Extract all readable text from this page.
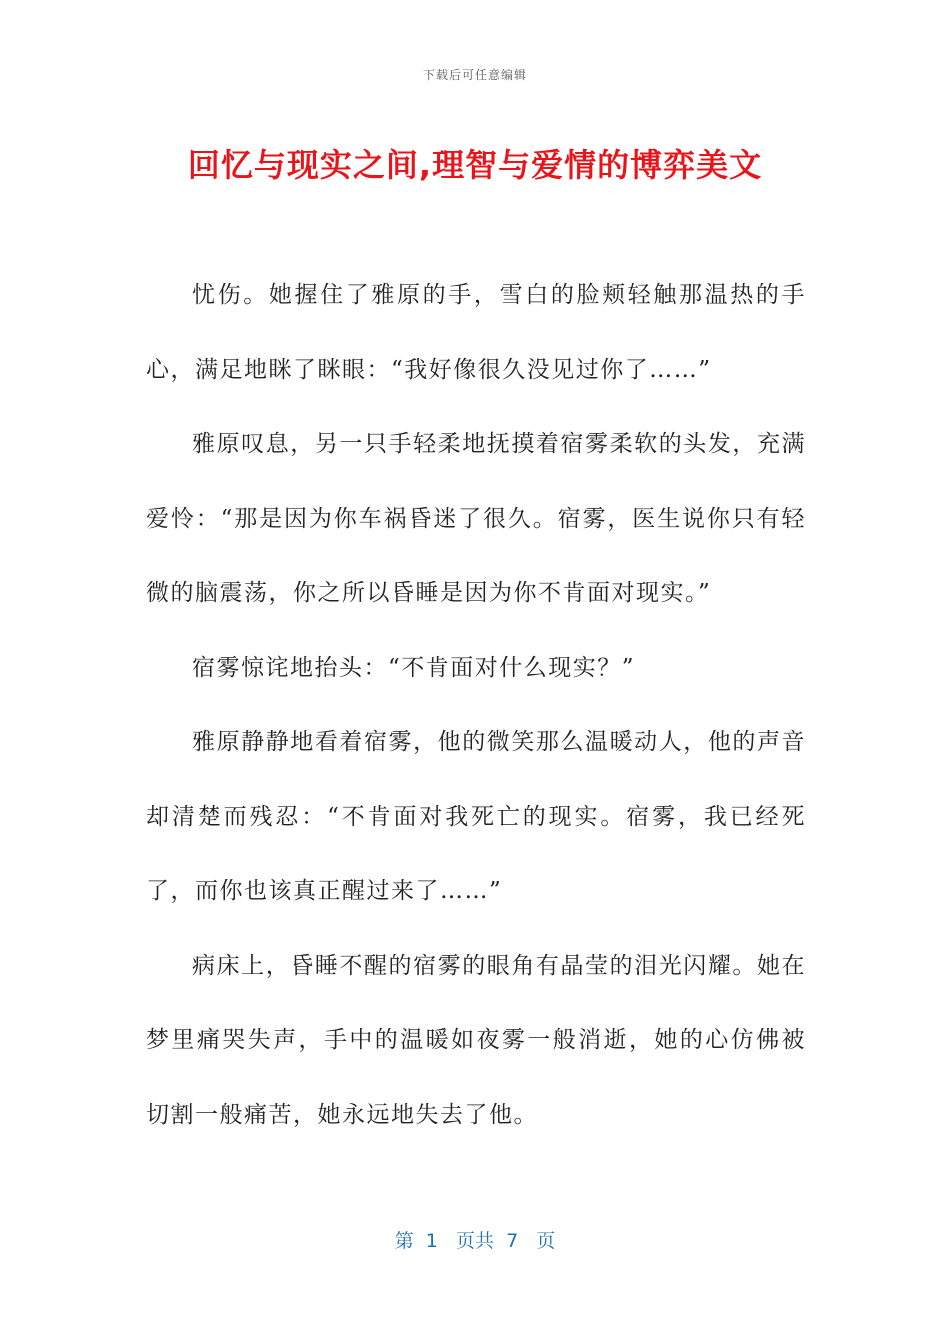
下载后可任意编辑
回忆与现实之间,理智与爱情的博弈美文

忧伤。她握住了雅原的手，雪白的脸颊轻触那温热的手心，满足地眯了眯眼：“我好像很久没见过你了……”

雅原叹息，另一只手轻柔地抚摸着宿雾柔软的头发，充满爱怜：“那是因为你车祸昏迷了很久。宿雾，医生说你只有轻微的脑震荡，你之所以昏睡是因为你不肯面对现实。”

宿雾惊诧地抬头：“不肯面对什么现实？”

雅原静静地看着宿雾，他的微笑那么温暖动人，他的声音却清楚而残忍：“不肯面对我死亡的现实。宿雾，我已经死了，而你也该真正醒过来了……”

病床上，昏睡不醒的宿雾的眼角有晶莹的泪光闪耀。她在梦里痛哭失声，手中的温暖如夜雾一般消逝，她的心仿佛被切割一般痛苦，她永远地失去了他。

第  1   页共  7   页
